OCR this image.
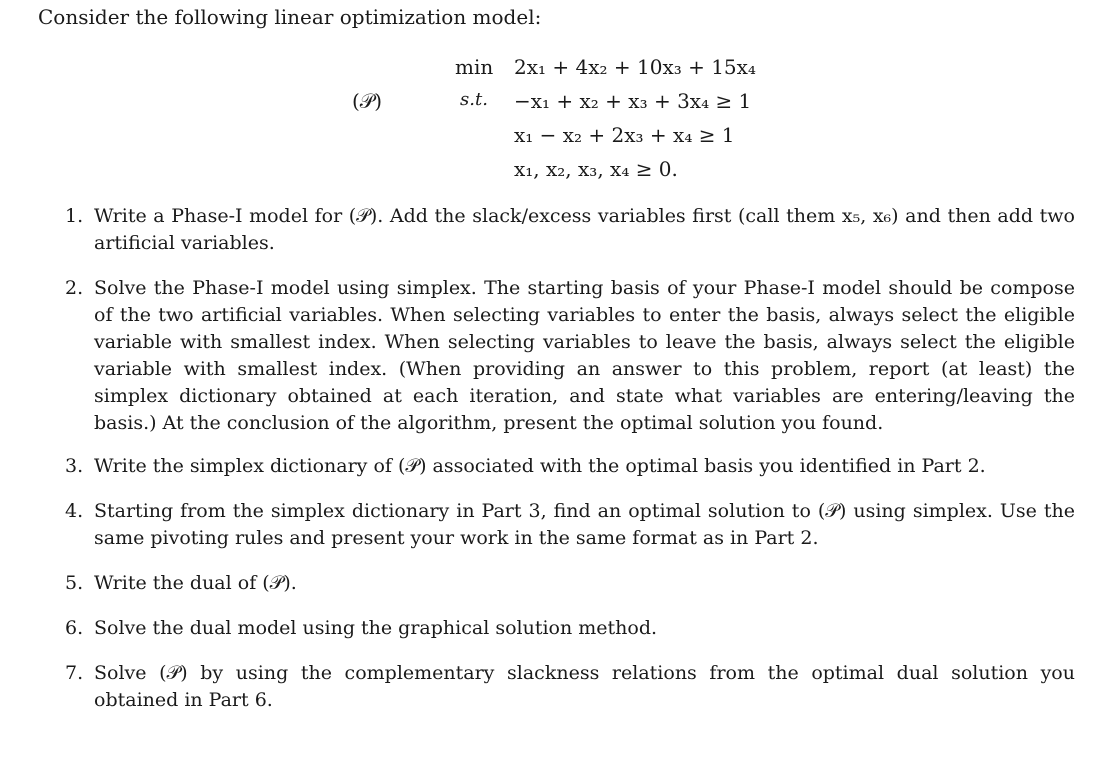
Consider the following linear optimization model:
(𝒫)
min
s.t.
2x₁ + 4x₂ + 10x₃ + 15x₄
−x₁ + x₂ + x₃ + 3x₄ ≥ 1
x₁ − x₂ + 2x₃ + x₄ ≥ 1
x₁, x₂, x₃, x₄ ≥ 0.
1. Write a Phase-I model for (𝒫). Add the slack/excess variables first (call them x₅, x₆) and then add two artificial variables.
2. Solve the Phase-I model using simplex. The starting basis of your Phase-I model should be compose of the two artificial variables. When selecting variables to enter the basis, always select the eligible variable with smallest index. When selecting variables to leave the basis, always select the eligible variable with smallest index. (When providing an answer to this problem, report (at least) the simplex dictionary obtained at each iteration, and state what variables are entering/leaving the basis.) At the conclusion of the algorithm, present the optimal solution you found.
3. Write the simplex dictionary of (𝒫) associated with the optimal basis you identified in Part 2.
4. Starting from the simplex dictionary in Part 3, find an optimal solution to (𝒫) using simplex. Use the same pivoting rules and present your work in the same format as in Part 2.
5. Write the dual of (𝒫).
6. Solve the dual model using the graphical solution method.
7. Solve (𝒫) by using the complementary slackness relations from the optimal dual solution you obtained in Part 6.
